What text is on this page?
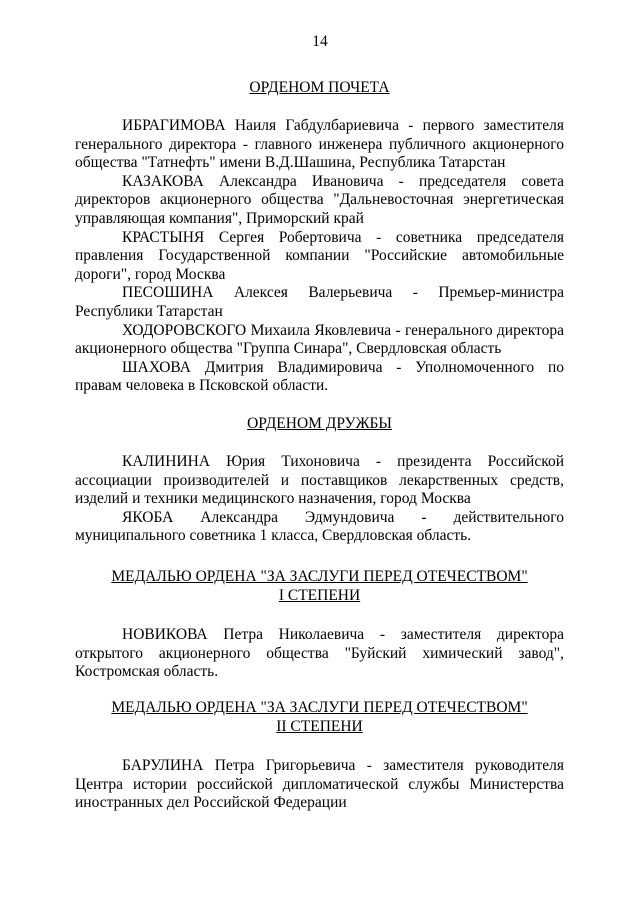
14

ОРДЕНОМ ПОЧЕТА

ИБРАГИМОВА Наиля Габдулбариевича - первого заместителя генерального директора - главного инженера публичного акционерного общества "Татнефть" имени В.Д.Шашина, Республика Татарстан

КАЗАКОВА Александра Ивановича - председателя совета директоров акционерного общества "Дальневосточная энергетическая управляющая компания", Приморский край

КРАСТЫНЯ Сергея Робертовича - советника председателя правления Государственной компании "Российские автомобильные дороги", город Москва

ПЕСОШИНА Алексея Валерьевича - Премьер-министра Республики Татарстан

ХОДОРОВСКОГО Михаила Яковлевича - генерального директора акционерного общества "Группа Синара", Свердловская область

ШАХОВА Дмитрия Владимировича - Уполномоченного по правам человека в Псковской области.

ОРДЕНОМ ДРУЖБЫ

КАЛИНИНА Юрия Тихоновича - президента Российской ассоциации производителей и поставщиков лекарственных средств, изделий и техники медицинского назначения, город Москва

ЯКОБА Александра Эдмундовича - действительного муниципального советника 1 класса, Свердловская область.

МЕДАЛЬЮ ОРДЕНА "ЗА ЗАСЛУГИ ПЕРЕД ОТЕЧЕСТВОМ"
I СТЕПЕНИ

НОВИКОВА Петра Николаевича - заместителя директора открытого акционерного общества "Буйский химический завод", Костромская область.

МЕДАЛЬЮ ОРДЕНА "ЗА ЗАСЛУГИ ПЕРЕД ОТЕЧЕСТВОМ"
II СТЕПЕНИ

БАРУЛИНА Петра Григорьевича - заместителя руководителя Центра истории российской дипломатической службы Министерства иностранных дел Российской Федерации
